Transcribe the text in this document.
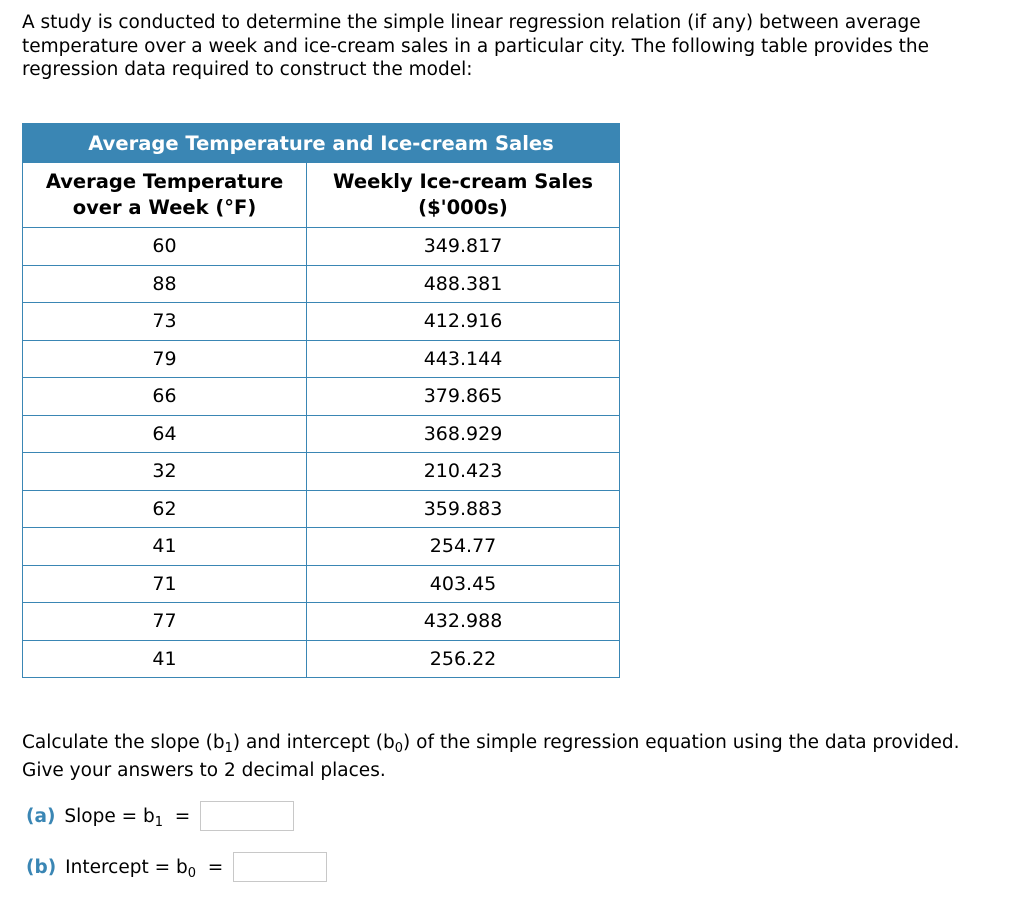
A study is conducted to determine the simple linear regression relation (if any) between average temperature over a week and ice-cream sales in a particular city. The following table provides the regression data required to construct the model:

Average Temperature and Ice-cream Sales	
Average Temperature
over a Week (°F)	Weekly Ice-cream Sales
($'000s)
60	349.817
88	488.381
73	412.916
79	443.144
66	379.865
64	368.929
32	210.423
62	359.883
41	254.77
71	403.45
77	432.988
41	256.22

Calculate the slope $(b_1)$ and intercept $(b_0)$ of the simple regression equation using the data provided.
Give your answers to 2 decimal places.

(a) Slope = $b_1$ =
(b) Intercept = $b_0$ =
